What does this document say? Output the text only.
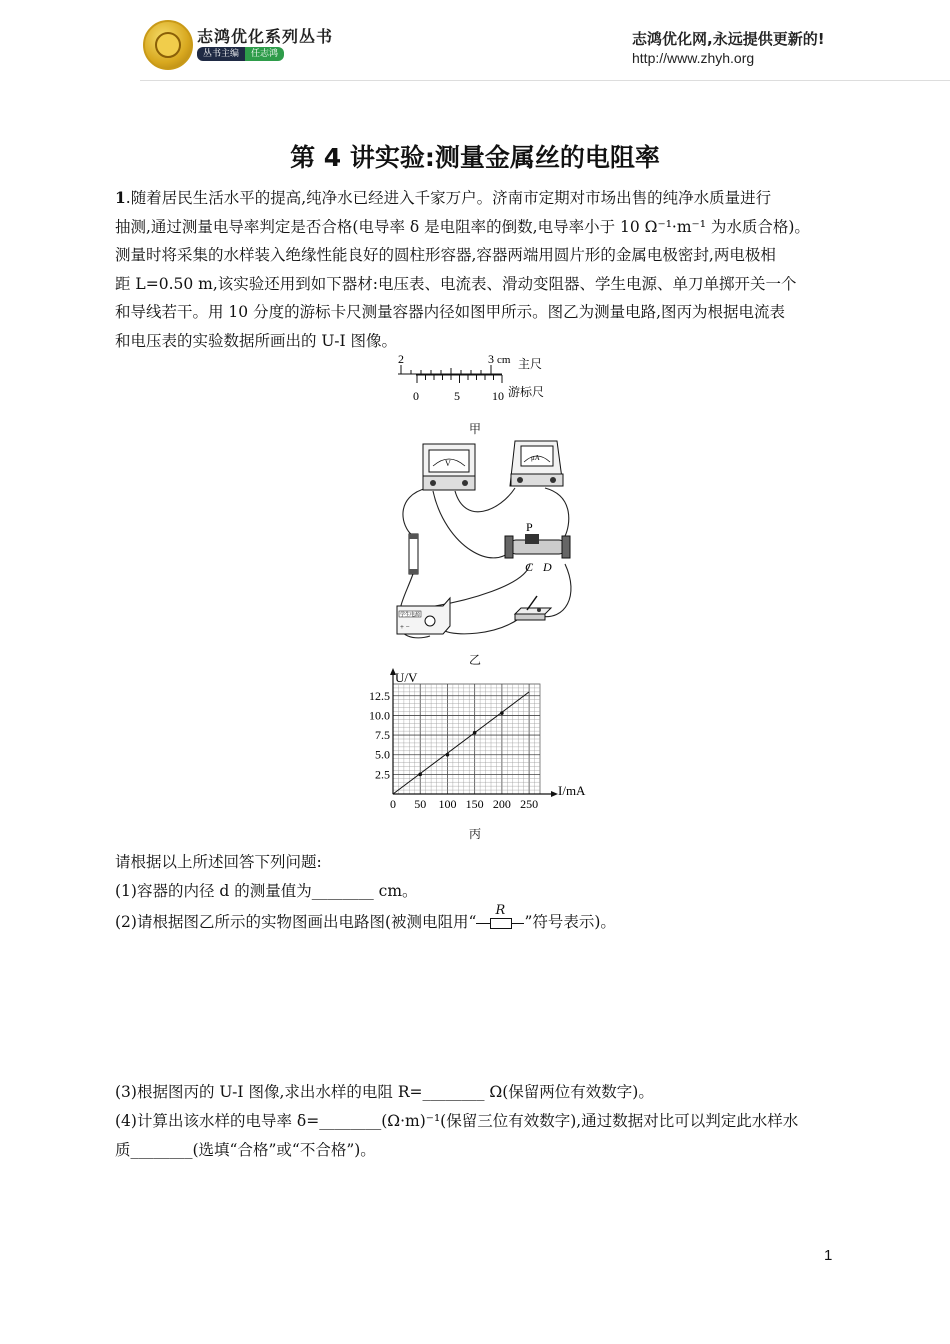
志鸿优化系列丛书
丛书主编	任志鸿
志鸿优化网,永远提供更新的!
http://www.zhyh.org
第 4 讲实验:测量金属丝的电阻率
1.随着居民生活水平的提高,纯净水已经进入千家万户。济南市定期对市场出售的纯净水质量进行
抽测,通过测量电导率判定是否合格(电导率 δ 是电阻率的倒数,电导率小于 10 Ω⁻¹·m⁻¹ 为水质合格)。
测量时将采集的水样装入绝缘性能良好的圆柱形容器,容器两端用圆片形的金属电极密封,两电极相
距 L=0.50 m,该实验还用到如下器材:电压表、电流表、滑动变阻器、学生电源、单刀单掷开关一个
和导线若干。用 10 分度的游标卡尺测量容器内径如图甲所示。图乙为测量电路,图丙为根据电流表
和电压表的实验数据所画出的 U-I 图像。
2	3 cm 主尺
0	5	10 游标尺
甲
V
μA
P
C D
学生电源
+ −
乙
0 50 100 150 200 250
2.5
5.0
7.5
10.0
12.5
I/mA
U/V
丙
请根据以上所述回答下列问题:
(1)容器的内径 d 的测量值为________ cm。
(2)请根据图乙所示的实物图画出电路图(被测电阻用“
R
”符号表示)。
(3)根据图丙的 U-I 图像,求出水样的电阻 R=________ Ω(保留两位有效数字)。
(4)计算出该水样的电导率 δ=________(Ω·m)⁻¹(保留三位有效数字),通过数据对比可以判定此水样水
质________(选填“合格”或“不合格”)。
1
